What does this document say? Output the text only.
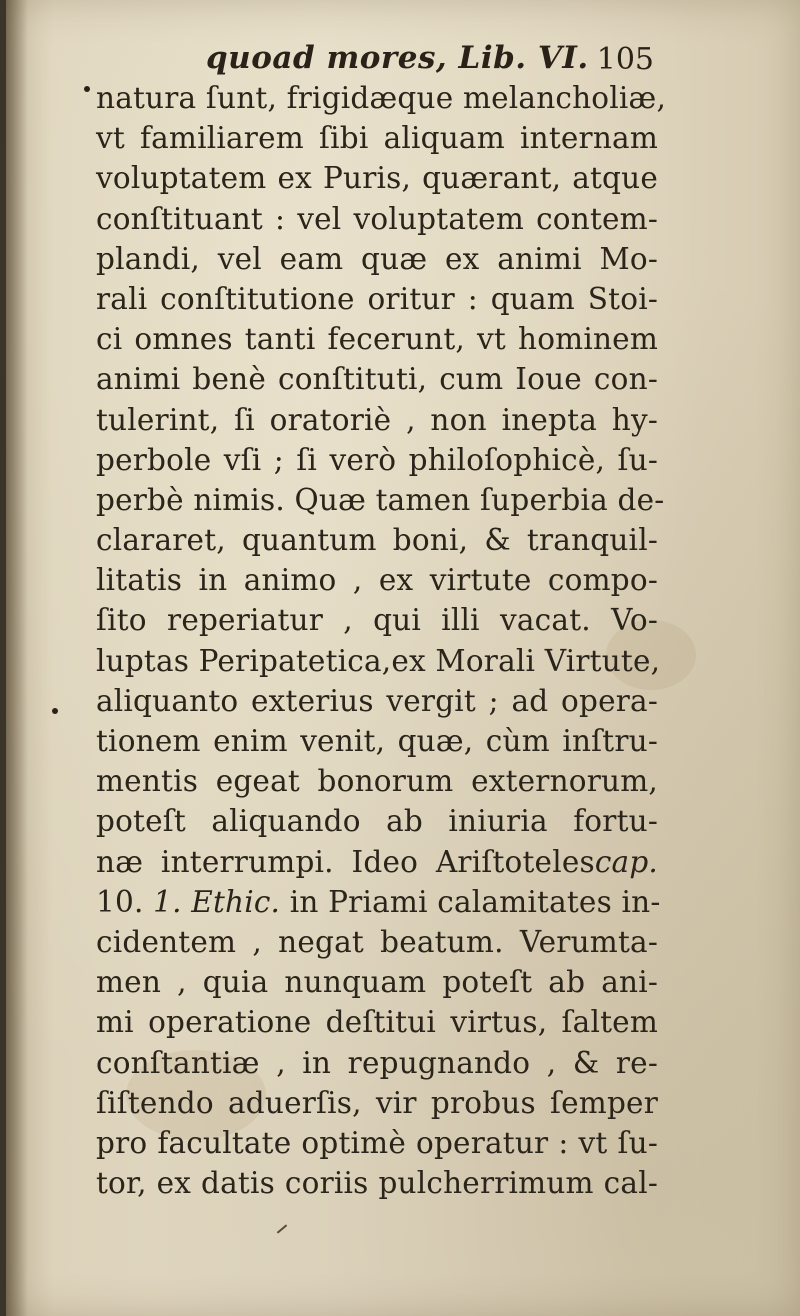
quoad mores, Lib. VI. 105
natura ſunt, frigidæque melancholiæ,
vt familiarem ſibi aliquam internam
voluptatem ex Puris, quærant, atque
conſtituant : vel voluptatem contem-
plandi, vel eam quæ ex animi Mo-
rali conſtitutione oritur : quam Stoi-
ci omnes tanti fecerunt, vt hominem
animi benè conſtituti, cum Ioue con-
tulerint, ſi oratoriè , non inepta hy-
perbole vſi ; ſi verò philoſophicè, ſu-
perbè nimis. Quæ tamen ſuperbia de-
clararet, quantum boni, & tranquil-
litatis in animo , ex virtute compo-
ſito reperiatur , qui illi vacat. Vo-
luptas Peripatetica,ex Morali Virtute,
aliquanto exterius vergit ; ad opera-
tionem enim venit, quæ, cùm inſtru-
mentis egeat bonorum externorum,
poteſt aliquando ab iniuria fortu-
næ interrumpi. Ideo Ariſtotelescap.
10. 1. Ethic. in Priami calamitates in-
cidentem , negat beatum. Verumta-
men , quia nunquam poteſt ab ani-
mi operatione deſtitui virtus, ſaltem
conſtantiæ , in repugnando , & re-
ſiſtendo aduerſis, vir probus ſemper
pro facultate optimè operatur : vt ſu-
tor, ex datis coriis pulcherrimum cal-
